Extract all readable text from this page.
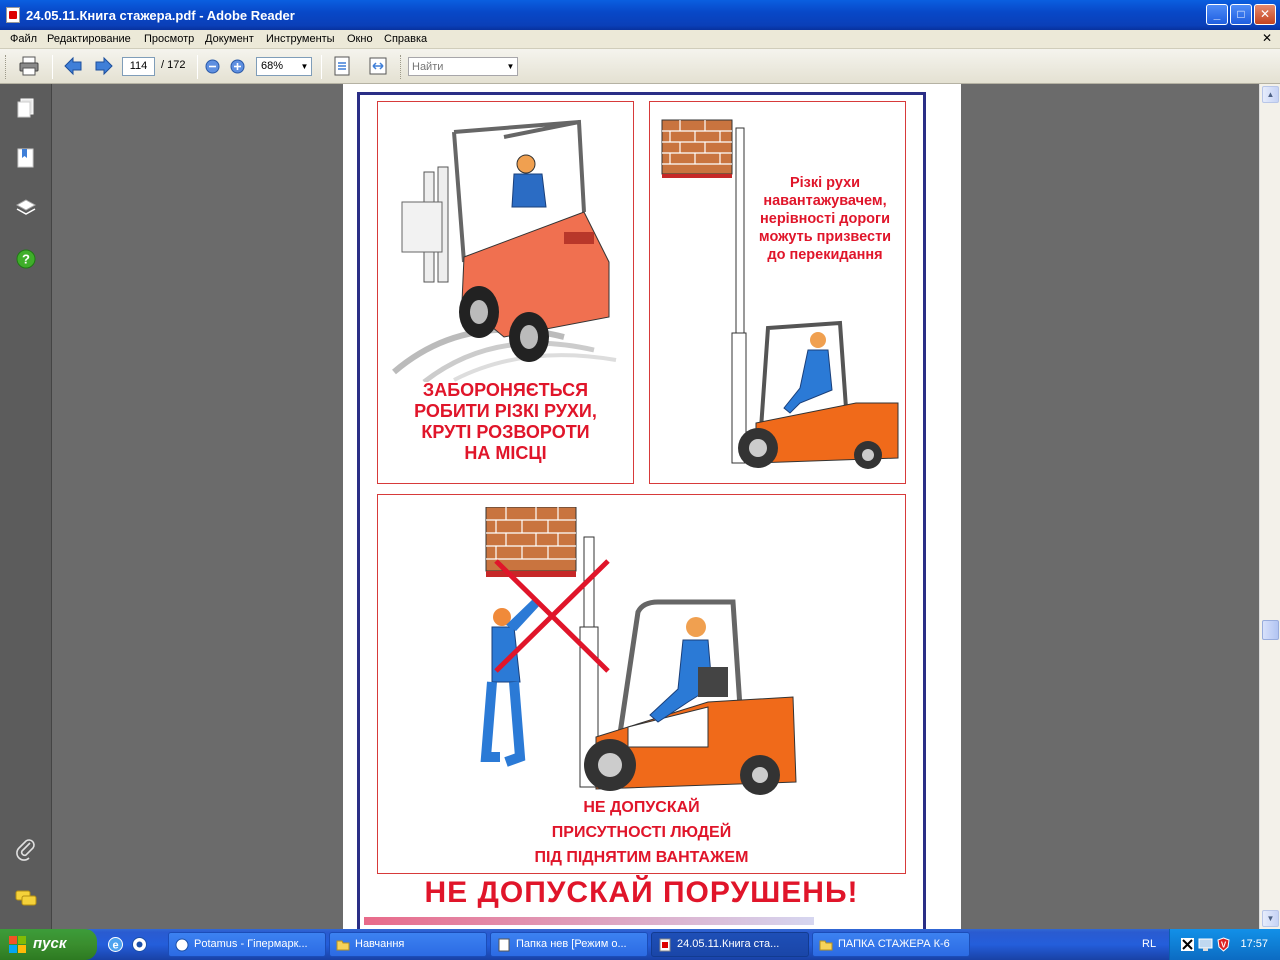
24.05.11.Книга стажера.pdf - Adobe Reader	_	□	✕
Файл Редактирование Просмотр Документ Инструменты Окно Справка	✕
114	/ 172	68%	▼
Найти	▼
?
ЗАБОРОНЯЄТЬСЯ
РОБИТИ РІЗКІ РУХИ,
КРУТІ РОЗВОРОТИ
НА МІСЦІ
Різкі рухи
навантажувачем,
нерівності дороги
можуть призвести
до перекидання
НЕ ДОПУСКАЙ
ПРИСУТНОСТІ ЛЮДЕЙ
ПІД ПІДНЯТИМ ВАНТАЖЕМ
НЕ ДОПУСКАЙ ПОРУШЕНЬ!
▲
▼
пуск	e	Potamus - Гіпермарк...	Навчання	Папка нев [Режим о...	24.05.11.Книга ста...	ПАПКА СТАЖЕРА К-6	RL	V 17:57
